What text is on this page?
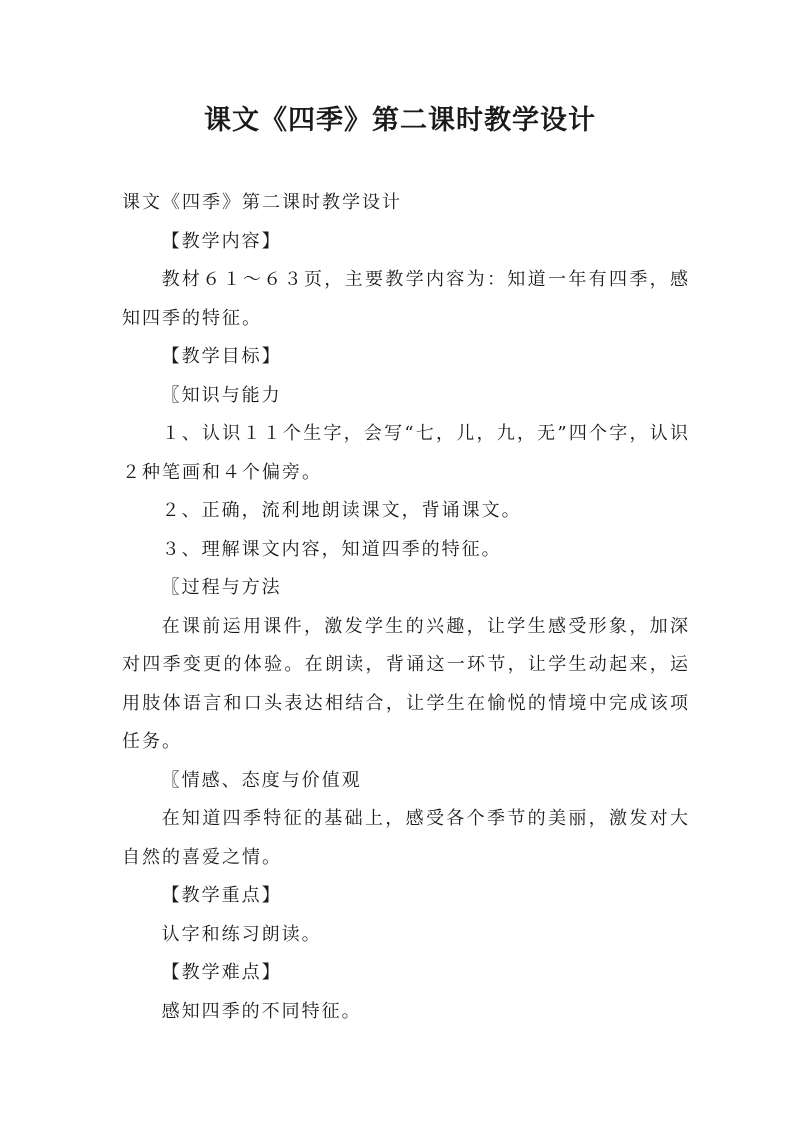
课文《四季》第二课时教学设计

课文《四季》第二课时教学设计

【教学内容】

教材６１～６３页，主要教学内容为：知道一年有四季，感知四季的特征。

【教学目标】

〖知识与能力

１、认识１１个生字，会写“七，儿，九，无”四个字，认识２种笔画和４个偏旁。

２、正确，流利地朗读课文，背诵课文。

３、理解课文内容，知道四季的特征。

〖过程与方法

在课前运用课件，激发学生的兴趣，让学生感受形象，加深对四季变更的体验。在朗读，背诵这一环节，让学生动起来，运用肢体语言和口头表达相结合，让学生在愉悦的情境中完成该项任务。

〖情感、态度与价值观

在知道四季特征的基础上，感受各个季节的美丽，激发对大自然的喜爱之情。

【教学重点】

认字和练习朗读。

【教学难点】

感知四季的不同特征。
